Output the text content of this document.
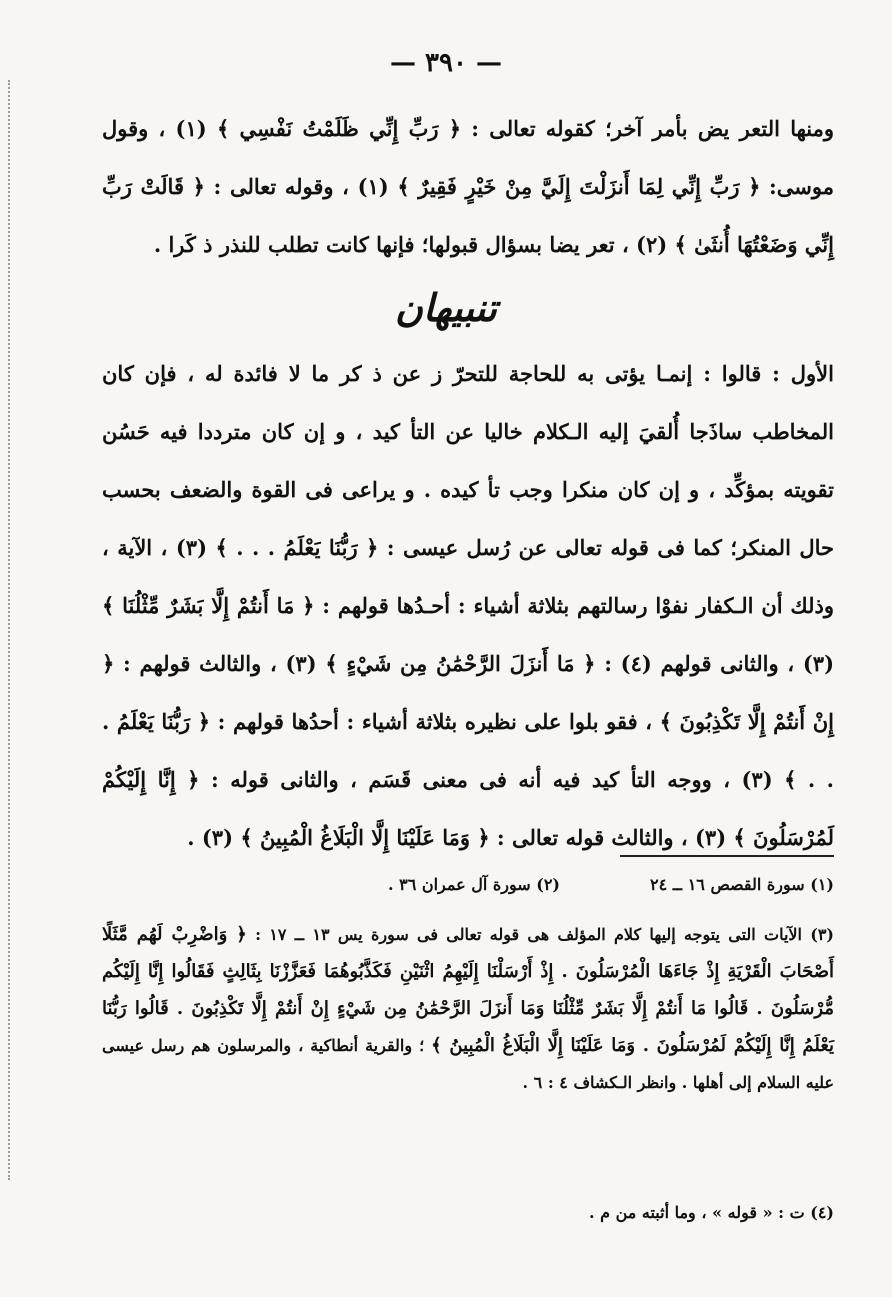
— ٣٩٠ —
ومنها التعر يض بأمر آخر؛ كقوله تعالى : ﴿ رَبِّ إِنِّي ظَلَمْتُ نَفْسِي ﴾ (١) ، وقول موسى: ﴿ رَبِّ إِنِّي لِمَا أَنزَلْتَ إِلَيَّ مِنْ خَيْرٍ فَقِيرٌ ﴾ (١) ، وقوله تعالى : ﴿ قَالَتْ رَبِّ إِنِّي وَضَعْتُهَا أُنثَىٰ ﴾ (٢) ، تعر يضا بسؤال قبولها؛ فإنها كانت تطلب للنذر ذ كَرا .
تنبيهان
الأول : قالوا : إنمـا يؤتى به للحاجة للتحرّ ز عن ذ كر ما لا فائدة له ، فإن كان المخاطب ساذَجا أُلقيَ إليه الـكلام خاليا عن التأ كيد ، و إن كان مترددا فيه حَسُن تقويته بمؤكِّد ، و إن كان منكرا وجب تأ كيده . و يراعى فى القوة والضعف بحسب حال المنكر؛ كما فى قوله تعالى عن رُسل عيسى : ﴿ رَبُّنَا يَعْلَمُ . . . ﴾ (٣) ، الآية ، وذلك أن الـكفار نفوْا رسالتهم بثلاثة أشياء : أحـدُها قولهم : ﴿ مَا أَنتُمْ إِلَّا بَشَرٌ مِّثْلُنَا ﴾ (٣) ، والثانى قولهم (٤) : ﴿ مَا أَنزَلَ الرَّحْمَٰنُ مِن شَيْءٍ ﴾ (٣) ، والثالث قولهم : ﴿ إِنْ أَنتُمْ إِلَّا تَكْذِبُونَ ﴾ ، فقو بلوا على نظيره بثلاثة أشياء : أحدُها قولهم : ﴿ رَبُّنَا يَعْلَمُ . . . ﴾ (٣) ، ووجه التأ كيد فيه أنه فى معنى قَسَم ، والثانى قوله : ﴿ إِنَّا إِلَيْكُمْ لَمُرْسَلُونَ ﴾ (٣) ، والثالث قوله تعالى : ﴿ وَمَا عَلَيْنَا إِلَّا الْبَلَاغُ الْمُبِينُ ﴾ (٣) .
(١) سورة القصص ١٦ ــ ٢٤
(٢) سورة آل عمران ٣٦ .
(٣) الآيات التى يتوجه إليها كلام المؤلف هى قوله تعالى فى سورة يس ١٣ ــ ١٧ : ﴿ وَاضْرِبْ لَهُم مَّثَلًا أَصْحَابَ الْقَرْيَةِ إِذْ جَاءَهَا الْمُرْسَلُونَ . إِذْ أَرْسَلْنَا إِلَيْهِمُ اثْنَيْنِ فَكَذَّبُوهُمَا فَعَزَّزْنَا بِثَالِثٍ فَقَالُوا إِنَّا إِلَيْكُم مُّرْسَلُونَ . قَالُوا مَا أَنتُمْ إِلَّا بَشَرٌ مِّثْلُنَا وَمَا أَنزَلَ الرَّحْمَٰنُ مِن شَيْءٍ إِنْ أَنتُمْ إِلَّا تَكْذِبُونَ . قَالُوا رَبُّنَا يَعْلَمُ إِنَّا إِلَيْكُمْ لَمُرْسَلُونَ . وَمَا عَلَيْنَا إِلَّا الْبَلَاغُ الْمُبِينُ ﴾ ؛ والقرية أنطاكية ، والمرسلون هم رسل عيسى عليه السلام إلى أهلها . وانظر الـكشاف ٤ : ٦ .
(٤) ت : « قوله » ، وما أثبته من م .
